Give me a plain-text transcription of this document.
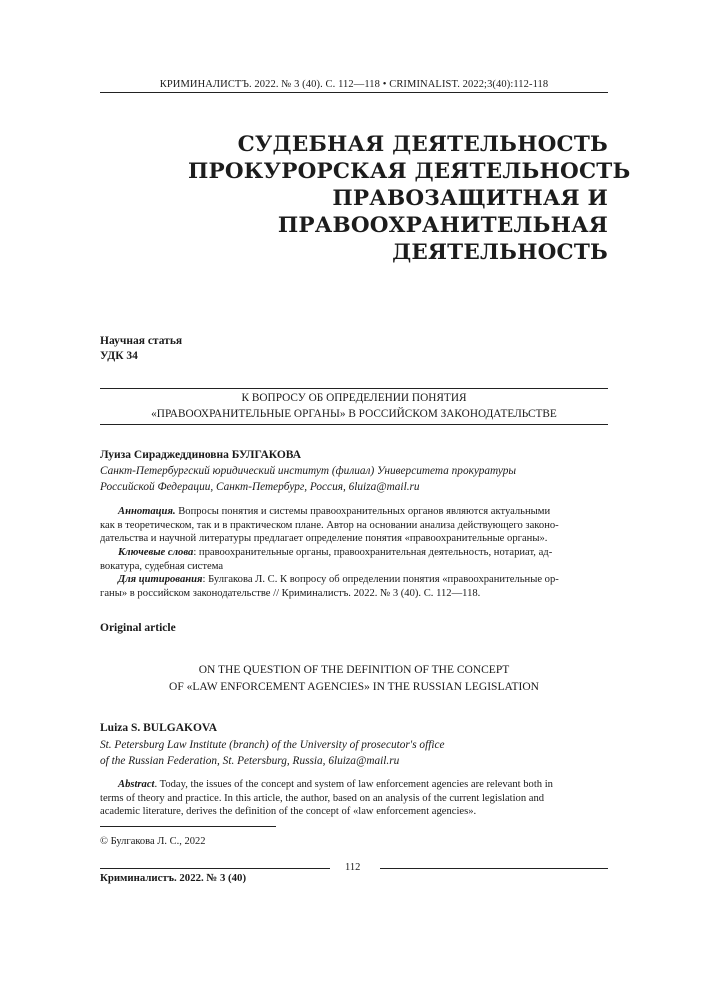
КРИМИНАЛИСТЪ. 2022. № 3 (40). С. 112—118 • CRIMINALIST. 2022;3(40):112-118
СУДЕБНАЯ ДЕЯТЕЛЬНОСТЬ
ПРОКУРОРСКАЯ ДЕЯТЕЛЬНОСТЬ
ПРАВОЗАЩИТНАЯ И
ПРАВООХРАНИТЕЛЬНАЯ
ДЕЯТЕЛЬНОСТЬ
Научная статья
УДК 34
К ВОПРОСУ ОБ ОПРЕДЕЛЕНИИ ПОНЯТИЯ
«ПРАВООХРАНИТЕЛЬНЫЕ ОРГАНЫ» В РОССИЙСКОМ ЗАКОНОДАТЕЛЬСТВЕ
Луиза Сираджеддиновна БУЛГАКОВА
Санкт-Петербургский юридический институт (филиал) Университета прокуратуры
Российской Федерации, Санкт-Петербург, Россия, 6luiza@mail.ru
Аннотация. Вопросы понятия и системы правоохранительных органов являются актуальными
как в теоретическом, так и в практическом плане. Автор на основании анализа действующего законо-
дательства и научной литературы предлагает определение понятия «правоохранительные органы».
Ключевые слова: правоохранительные органы, правоохранительная деятельность, нотариат, ад-
вокатура, судебная система
Для цитирования: Булгакова Л. С. К вопросу об определении понятия «правоохранительные ор-
ганы» в российском законодательстве // Криминалистъ. 2022. № 3 (40). С. 112—118.
Original article
ON THE QUESTION OF THE DEFINITION OF THE CONCEPT
OF «LAW ENFORCEMENT AGENCIES» IN THE RUSSIAN LEGISLATION
Luiza S. BULGAKOVA
St. Petersburg Law Institute (branch) of the University of prosecutor's office
of the Russian Federation, St. Petersburg, Russia, 6luiza@mail.ru
Abstract. Today, the issues of the concept and system of law enforcement agencies are relevant both in
terms of theory and practice. In this article, the author, based on an analysis of the current legislation and
academic literature, derives the definition of the concept of «law enforcement agencies».
© Булгакова Л. С., 2022
112
Криминалистъ. 2022. № 3 (40)
